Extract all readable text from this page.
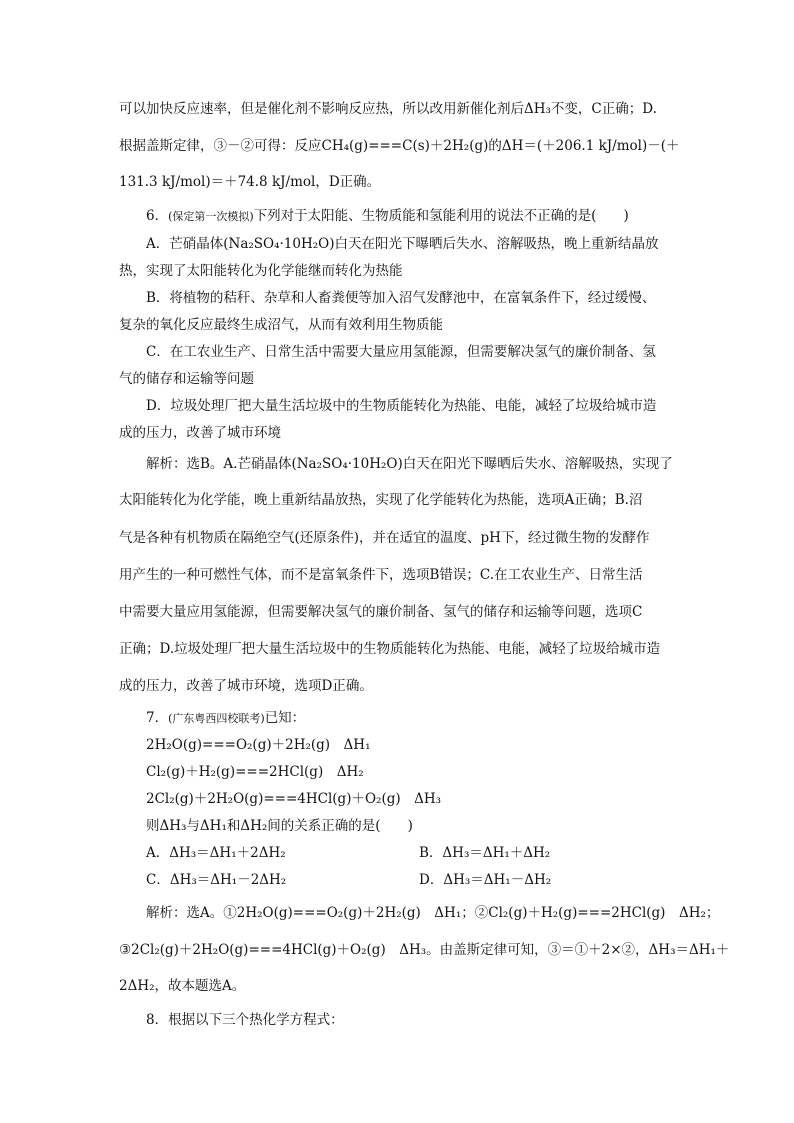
可以加快反应速率，但是催化剂不影响反应热，所以改用新催化剂后ΔH₃不变，C正确；D.
根据盖斯定律，③－②可得：反应CH₄(g)===C(s)＋2H₂(g)的ΔH＝(＋206.1 kJ/mol)－(＋
131.3 kJ/mol)＝＋74.8 kJ/mol，D正确。
6．(保定第一次模拟)下列对于太阳能、生物质能和氢能利用的说法不正确的是(　　)
A．芒硝晶体(Na₂SO₄·10H₂O)白天在阳光下曝晒后失水、溶解吸热，晚上重新结晶放
热，实现了太阳能转化为化学能继而转化为热能
B．将植物的秸秆、杂草和人畜粪便等加入沼气发酵池中，在富氧条件下，经过缓慢、
复杂的氧化反应最终生成沼气，从而有效利用生物质能
C．在工农业生产、日常生活中需要大量应用氢能源，但需要解决氢气的廉价制备、氢
气的储存和运输等问题
D．垃圾处理厂把大量生活垃圾中的生物质能转化为热能、电能，减轻了垃圾给城市造
成的压力，改善了城市环境
解析：选B。A.芒硝晶体(Na₂SO₄·10H₂O)白天在阳光下曝晒后失水、溶解吸热，实现了
太阳能转化为化学能，晚上重新结晶放热，实现了化学能转化为热能，选项A正确；B.沼
气是各种有机物质在隔绝空气(还原条件)，并在适宜的温度、pH下，经过微生物的发酵作
用产生的一种可燃性气体，而不是富氧条件下，选项B错误；C.在工农业生产、日常生活
中需要大量应用氢能源，但需要解决氢气的廉价制备、氢气的储存和运输等问题，选项C
正确；D.垃圾处理厂把大量生活垃圾中的生物质能转化为热能、电能，减轻了垃圾给城市造
成的压力，改善了城市环境，选项D正确。
7．(广东粤西四校联考)已知：
2H₂O(g)===O₂(g)＋2H₂(g)　ΔH₁
Cl₂(g)＋H₂(g)===2HCl(g)　ΔH₂
2Cl₂(g)＋2H₂O(g)===4HCl(g)＋O₂(g)　ΔH₃
则ΔH₃与ΔH₁和ΔH₂间的关系正确的是(　　)
A．ΔH₃＝ΔH₁＋2ΔH₂	B．ΔH₃＝ΔH₁＋ΔH₂
C．ΔH₃＝ΔH₁－2ΔH₂	D．ΔH₃＝ΔH₁－ΔH₂
解析：选A。①2H₂O(g)===O₂(g)＋2H₂(g)　ΔH₁；②Cl₂(g)＋H₂(g)===2HCl(g)　ΔH₂；
③2Cl₂(g)＋2H₂O(g)===4HCl(g)＋O₂(g)　ΔH₃。由盖斯定律可知，③＝①＋2×②，ΔH₃＝ΔH₁＋
2ΔH₂，故本题选A。
8．根据以下三个热化学方程式：
